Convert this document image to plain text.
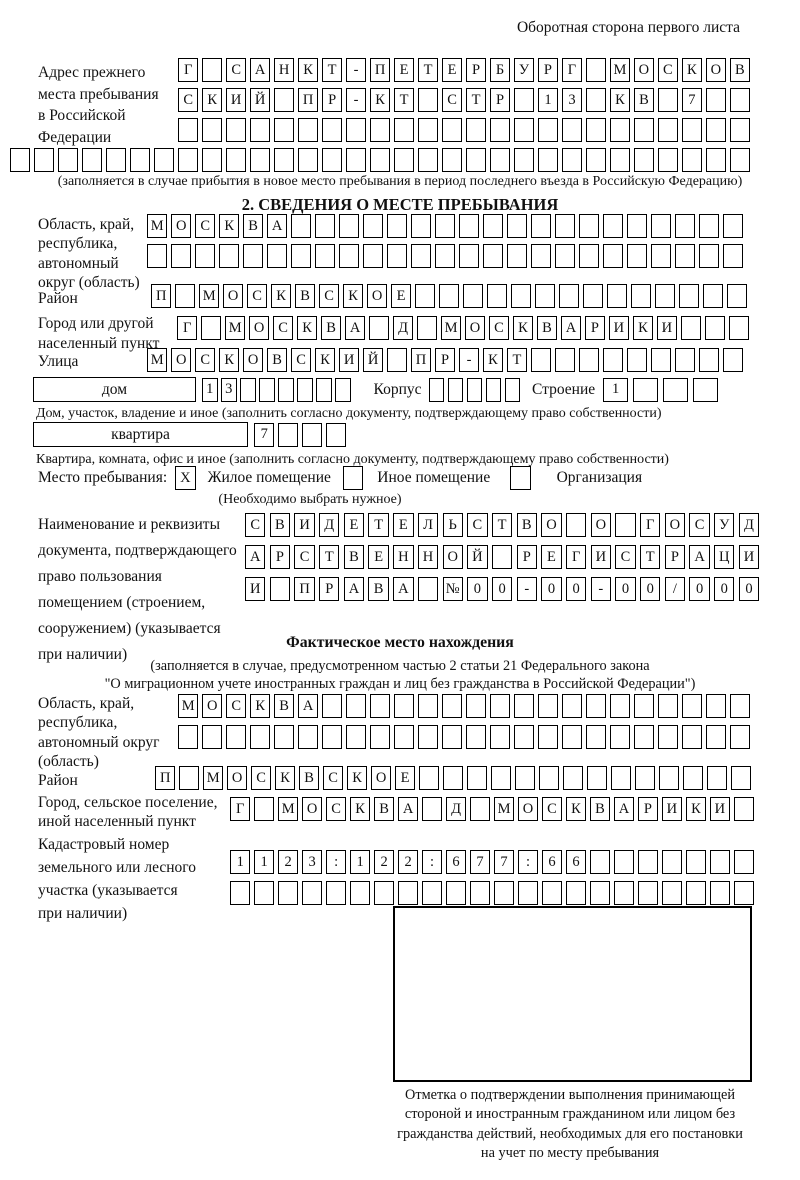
Оборотная сторона первого листа
Адрес прежнего
места пребывания
в Российской
Федерации
Г	С А Н К	Т	-	П Е	Т	Е	Р	Б	У	Р	Г	М О С К О В
С К И Й	П	Р	-	К	Т	С	Т	Р	1	3	К В	7
(заполняется в случае прибытия в новое место пребывания в период последнего въезда в Российскую Федерацию)
2. СВЕДЕНИЯ О МЕСТЕ ПРЕБЫВАНИЯ
Область, край,
республика,
автономный
округ (область)
М О С К В А
Район	П	М О С К В С К О Е
Город или другой
населенный пункт
Г	М О С К В А	Д	М О С К В А	Р	И К И
Улица	М О С К О В С К И Й	П	Р	-	К	Т
дом	1 3	Корпус	Строение	1
Дом, участок, владение и иное (заполнить согласно документу, подтверждающему право собственности)
квартира	7
Квартира, комната, офис и иное (заполнить согласно документу, подтверждающему право собственности)
Место пребывания: X	Жилое помещение	Иное помещение	Организация
(Необходимо выбрать нужное)
Наименование и реквизиты
документа, подтверждающего
право пользования
помещением (строением,
сооружением) (указывается
при наличии)
С	В	И Д	Е	Т	Е	Л	Ь	С	Т	В	О	О	Г	О	С	У	Д
А	Р	С	Т	В	Е	Н Н О Й	Р	Е	Г	И	С	Т	Р	А Ц И
И	П	Р	А	В	А	№ 0	0	-	0	0	-	0	0	/	0	0	0
Фактическое место нахождения
(заполняется в случае, предусмотренном частью 2 статьи 21 Федерального закона
"О миграционном учете иностранных граждан и лиц без гражданства в Российской Федерации")
Область, край,
республика,
автономный округ
(область)
М О С К В А
Район	П	М О С К В С К О Е
Город, сельское поселение,
иной населенный пункт
Г	М О С К В А	Д	М О С К В А	Р	И К И
Кадастровый номер
земельного или лесного
участка (указывается
при наличии)
1	1	2	3	:	1	2	2	:	6	7	7	:	6	6
Отметка о подтверждении выполнения принимающей
стороной и иностранным гражданином или лицом без
гражданства действий, необходимых для его постановки
на учет по месту пребывания
